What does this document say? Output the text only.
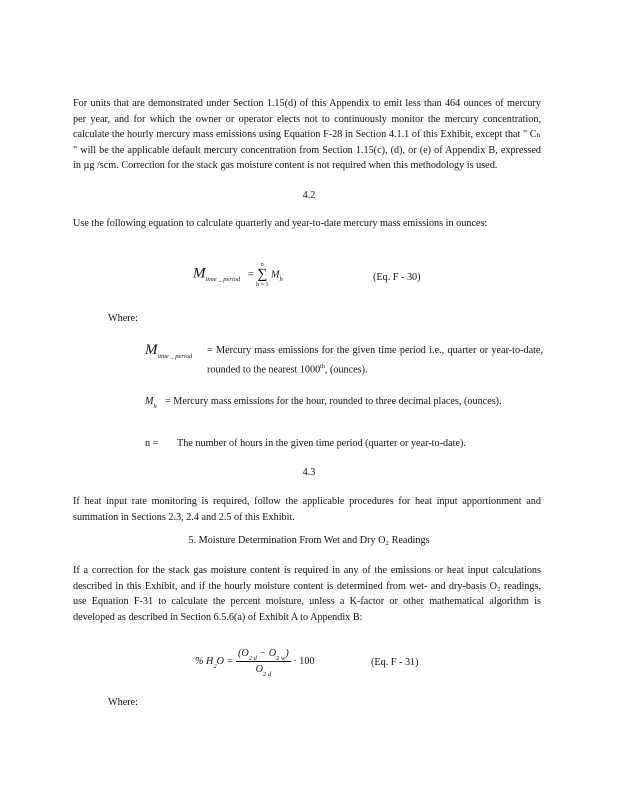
For units that are demonstrated under Section 1.15(d) of this Appendix to emit less than 464 ounces of mercury per year, and for which the owner or operator elects not to continuously monitor the mercury concentration, calculate the hourly mercury mass emissions using Equation F-28 in Section 4.1.1 of this Exhibit, except that " Cₕ " will be the applicable default mercury concentration from Section 1.15(c), (d), or (e) of Appendix B, expressed in µg /scm. Correction for the stack gas moisture content is not required when this methodology is used.

4.2

Use the following equation to calculate quarterly and year-to-date mercury mass emissions in ounces:

$M_{time \_ period}$ =
n
∑
h = 1
$M_h$	(Eq. F - 30)
Where:
$M_{time \_ period}=$ Mercury mass emissions for the given time period i.e., quarter or year-to-date, rounded to the nearest 1000th, (ounces).
$M_h$ = Mercury mass emissions for the hour, rounded to three decimal places, (ounces).
n = The number of hours in the given time period (quarter or year-to-date).
4.3

If heat input rate monitoring is required, follow the applicable procedures for heat input apportionment and summation in Sections 2.3, 2.4 and 2.5 of this Exhibit.

5. Moisture Determination From Wet and Dry O₂ Readings

If a correction for the stack gas moisture content is required in any of the emissions or heat input calculations described in this Exhibit, and if the hourly moisture content is determined from wet- and dry-basis O₂ readings, use Equation F-31 to calculate the percent moisture, unless a K-factor or other mathematical algorithm is developed as described in Section 6.5.6(a) of Exhibit A to Appendix B:

% $H_2O = \frac{(O_{2 d} - O_{2 w})}{O_{2 d}} \cdot 100$	(Eq. F - 31)
Where:
